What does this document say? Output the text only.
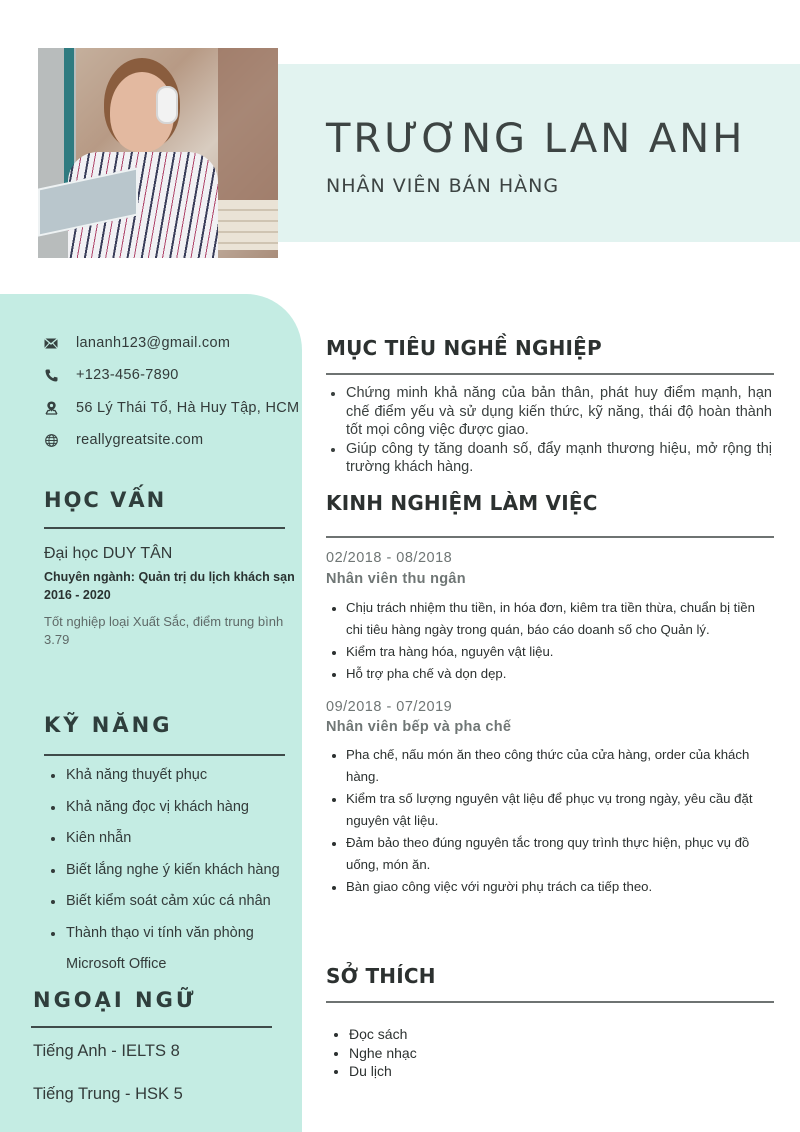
TRƯƠNG LAN ANH
NHÂN VIÊN BÁN HÀNG
lananh123@gmail.com
+123-456-7890
56 Lý Thái Tổ, Hà Huy Tập, HCM
reallygreatsite.com
HỌC VẤN
Đại học DUY TÂN
Chuyên ngành: Quản trị du lịch khách sạn
2016 - 2020
Tốt nghiệp loại Xuất Sắc, điểm trung bình 3.79
KỸ NĂNG
Khả năng thuyết phục
Khả năng đọc vị khách hàng
Kiên nhẫn
Biết lắng nghe ý kiến khách hàng
Biết kiểm soát cảm xúc cá nhân
Thành thạo vi tính văn phòng
Microsoft Office
NGOẠI NGỮ
Tiếng Anh - IELTS 8
Tiếng Trung - HSK 5
MỤC TIÊU NGHỀ NGHIỆP
Chứng minh khả năng của bản thân, phát huy điểm mạnh, hạn chế điểm yếu và sử dụng kiến thức, kỹ năng, thái độ hoàn thành tốt mọi công việc được giao.
Giúp công ty tăng doanh số, đẩy mạnh thương hiệu, mở rộng thị trường khách hàng.
KINH NGHIỆM LÀM VIỆC
02/2018 - 08/2018
Nhân viên thu ngân
Chịu trách nhiệm thu tiền, in hóa đơn, kiêm tra tiền thừa, chuẩn bị tiền chi tiêu hàng ngày trong quán, báo cáo doanh số cho Quản lý.
Kiểm tra hàng hóa, nguyên vật liệu.
Hỗ trợ pha chế và dọn dẹp.
09/2018 - 07/2019
Nhân viên bếp và pha chế
Pha chế, nấu món ăn theo công thức của cửa hàng, order của khách hàng.
Kiểm tra số lượng nguyên vật liệu để phục vụ trong ngày, yêu cầu đặt nguyên vật liệu.
Đảm bảo theo đúng nguyên tắc trong quy trình thực hiện, phục vụ đồ uống, món ăn.
Bàn giao công việc với người phụ trách ca tiếp theo.
SỞ THÍCH
Đọc sách
Nghe nhạc
Du lịch
